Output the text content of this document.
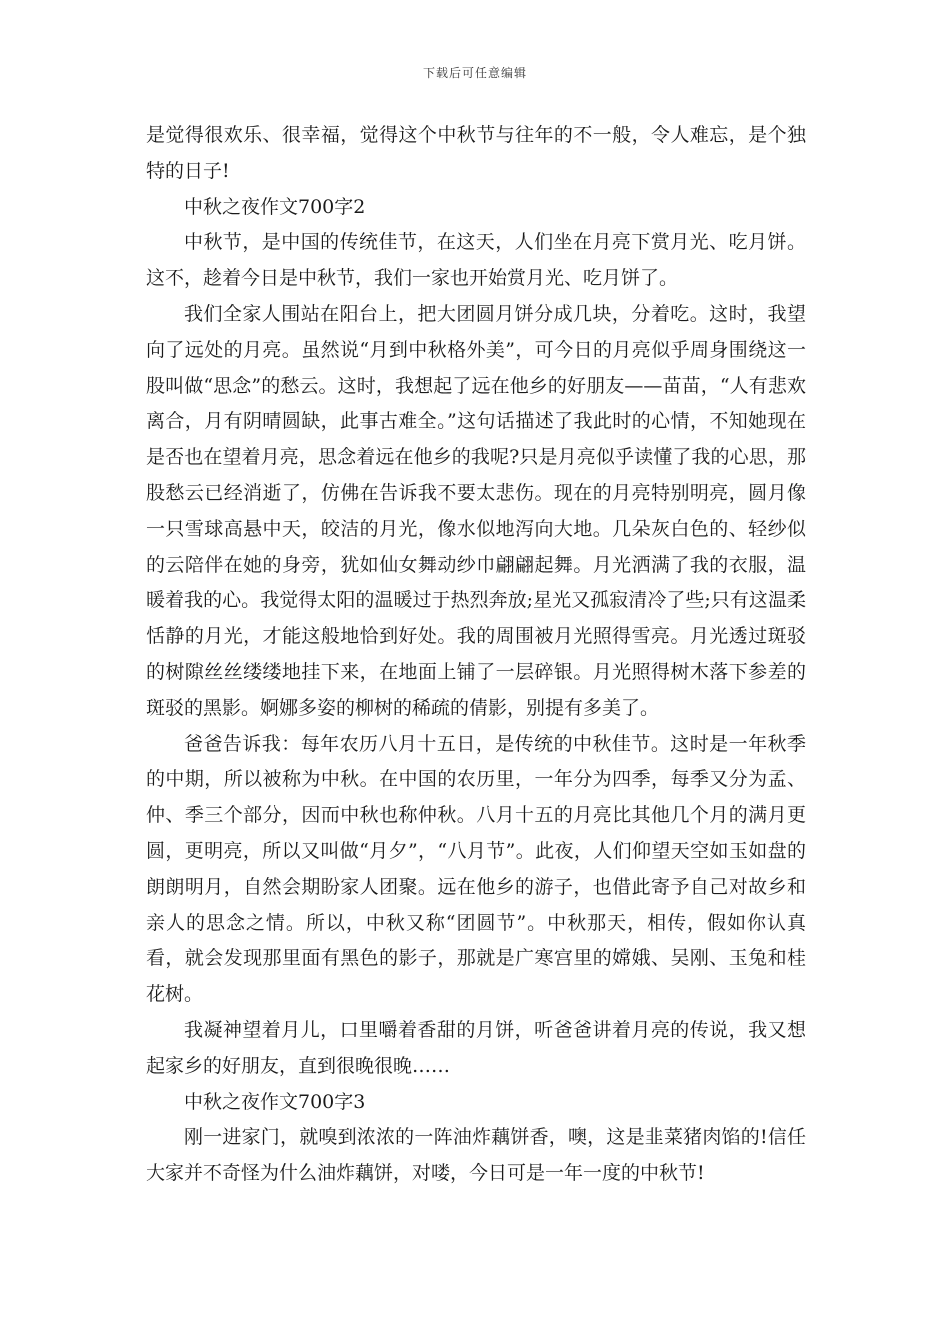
下载后可任意编辑

是觉得很欢乐、很幸福，觉得这个中秋节与往年的不一般，令人难忘，是个独特的日子!

中秋之夜作文700字2

中秋节，是中国的传统佳节，在这天，人们坐在月亮下赏月光、吃月饼。这不，趁着今日是中秋节，我们一家也开始赏月光、吃月饼了。

我们全家人围站在阳台上，把大团圆月饼分成几块，分着吃。这时，我望向了远处的月亮。虽然说“月到中秋格外美”，可今日的月亮似乎周身围绕这一股叫做“思念”的愁云。这时，我想起了远在他乡的好朋友——苗苗，“人有悲欢离合，月有阴晴圆缺，此事古难全。”这句话描述了我此时的心情，不知她现在是否也在望着月亮，思念着远在他乡的我呢?只是月亮似乎读懂了我的心思，那股愁云已经消逝了，仿佛在告诉我不要太悲伤。现在的月亮特别明亮，圆月像一只雪球高悬中天，皎洁的月光，像水似地泻向大地。几朵灰白色的、轻纱似的云陪伴在她的身旁，犹如仙女舞动纱巾翩翩起舞。月光洒满了我的衣服，温暖着我的心。我觉得太阳的温暖过于热烈奔放;星光又孤寂清冷了些;只有这温柔恬静的月光，才能这般地恰到好处。我的周围被月光照得雪亮。月光透过斑驳的树隙丝丝缕缕地挂下来，在地面上铺了一层碎银。月光照得树木落下参差的斑驳的黑影。婀娜多姿的柳树的稀疏的倩影，别提有多美了。

爸爸告诉我：每年农历八月十五日，是传统的中秋佳节。这时是一年秋季的中期，所以被称为中秋。在中国的农历里，一年分为四季，每季又分为孟、仲、季三个部分，因而中秋也称仲秋。八月十五的月亮比其他几个月的满月更圆，更明亮，所以又叫做“月夕”，“八月节”。此夜，人们仰望天空如玉如盘的朗朗明月，自然会期盼家人团聚。远在他乡的游子，也借此寄予自己对故乡和亲人的思念之情。所以，中秋又称“团圆节”。中秋那天，相传，假如你认真看，就会发现那里面有黑色的影子，那就是广寒宫里的嫦娥、吴刚、玉兔和桂花树。

我凝神望着月儿，口里嚼着香甜的月饼，听爸爸讲着月亮的传说，我又想起家乡的好朋友，直到很晚很晚……

中秋之夜作文700字3

刚一进家门，就嗅到浓浓的一阵油炸藕饼香，噢，这是韭菜猪肉馅的!信任大家并不奇怪为什么油炸藕饼，对喽，今日可是一年一度的中秋节!
